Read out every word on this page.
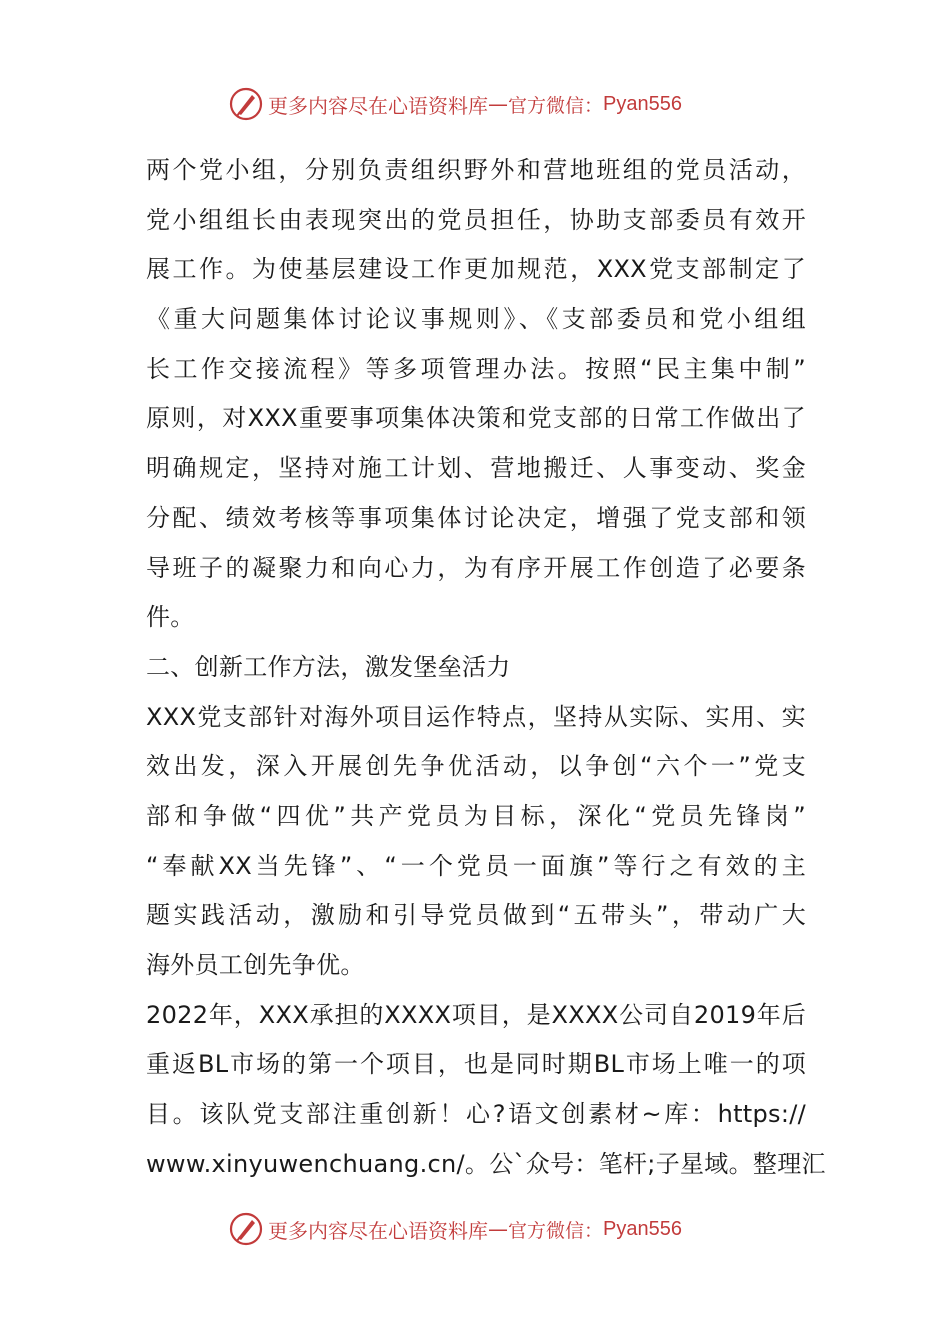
更多内容尽在心语资料库 — 官方微信： Pyan556
两个党小组，分别负责组织野外和营地班组的党员活动，
党小组组长由表现突出的党员担任，协助支部委员有效开
展工作。为使基层建设工作更加规范，XXX党支部制定了
《重大问题集体讨论议事规则》、《支部委员和党小组组
长工作交接流程》等多项管理办法。按照“民主集中制”
原则，对XXX重要事项集体决策和党支部的日常工作做出了
明确规定，坚持对施工计划、营地搬迁、人事变动、奖金
分配、绩效考核等事项集体讨论决定，增强了党支部和领
导班子的凝聚力和向心力，为有序开展工作创造了必要条
件。
二、创新工作方法，激发堡垒活力
XXX党支部针对海外项目运作特点，坚持从实际、实用、实
效出发，深入开展创先争优活动，以争创“六个一”党支
部和争做“四优”共产党员为目标，深化“党员先锋岗”
“奉献XX当先锋”、“一个党员一面旗”等行之有效的主
题实践活动，激励和引导党员做到“五带头”，带动广大
海外员工创先争优。
2022年，XXX承担的XXXX项目，是XXXX公司自2019年后
重返BL市场的第一个项目，也是同时期BL市场上唯一的项
目。该队党支部注重创新！心?语文创素材~库：https://
www.xinyuwenchuang.cn/。公`众号：笔杆;子星域。整理汇
更多内容尽在心语资料库 — 官方微信： Pyan556
